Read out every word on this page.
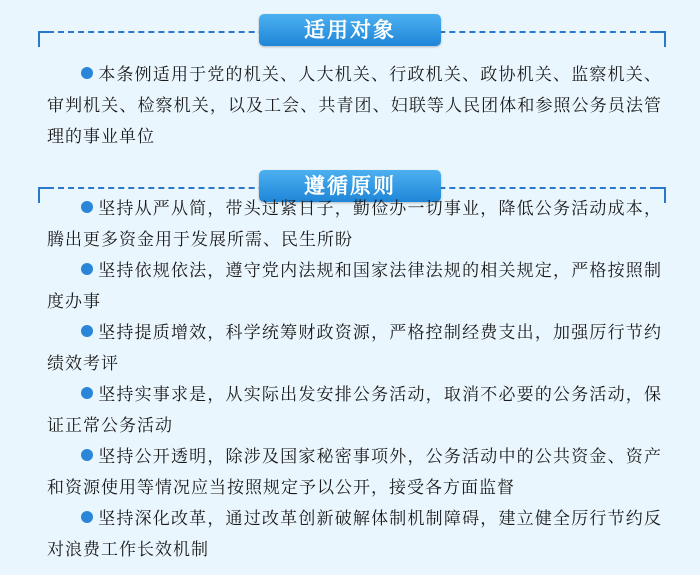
适用对象

本条例适用于党的机关、人大机关、行政机关、政协机关、监察机关、审判机关、检察机关，以及工会、共青团、妇联等人民团体和参照公务员法管理的事业单位

遵循原则

坚持从严从简，带头过紧日子，勤俭办一切事业，降低公务活动成本，腾出更多资金用于发展所需、民生所盼

坚持依规依法，遵守党内法规和国家法律法规的相关规定，严格按照制度办事

坚持提质增效，科学统筹财政资源，严格控制经费支出，加强厉行节约绩效考评

坚持实事求是，从实际出发安排公务活动，取消不必要的公务活动，保证正常公务活动

坚持公开透明，除涉及国家秘密事项外，公务活动中的公共资金、资产和资源使用等情况应当按照规定予以公开，接受各方面监督

坚持深化改革，通过改革创新破解体制机制障碍，建立健全厉行节约反对浪费工作长效机制
